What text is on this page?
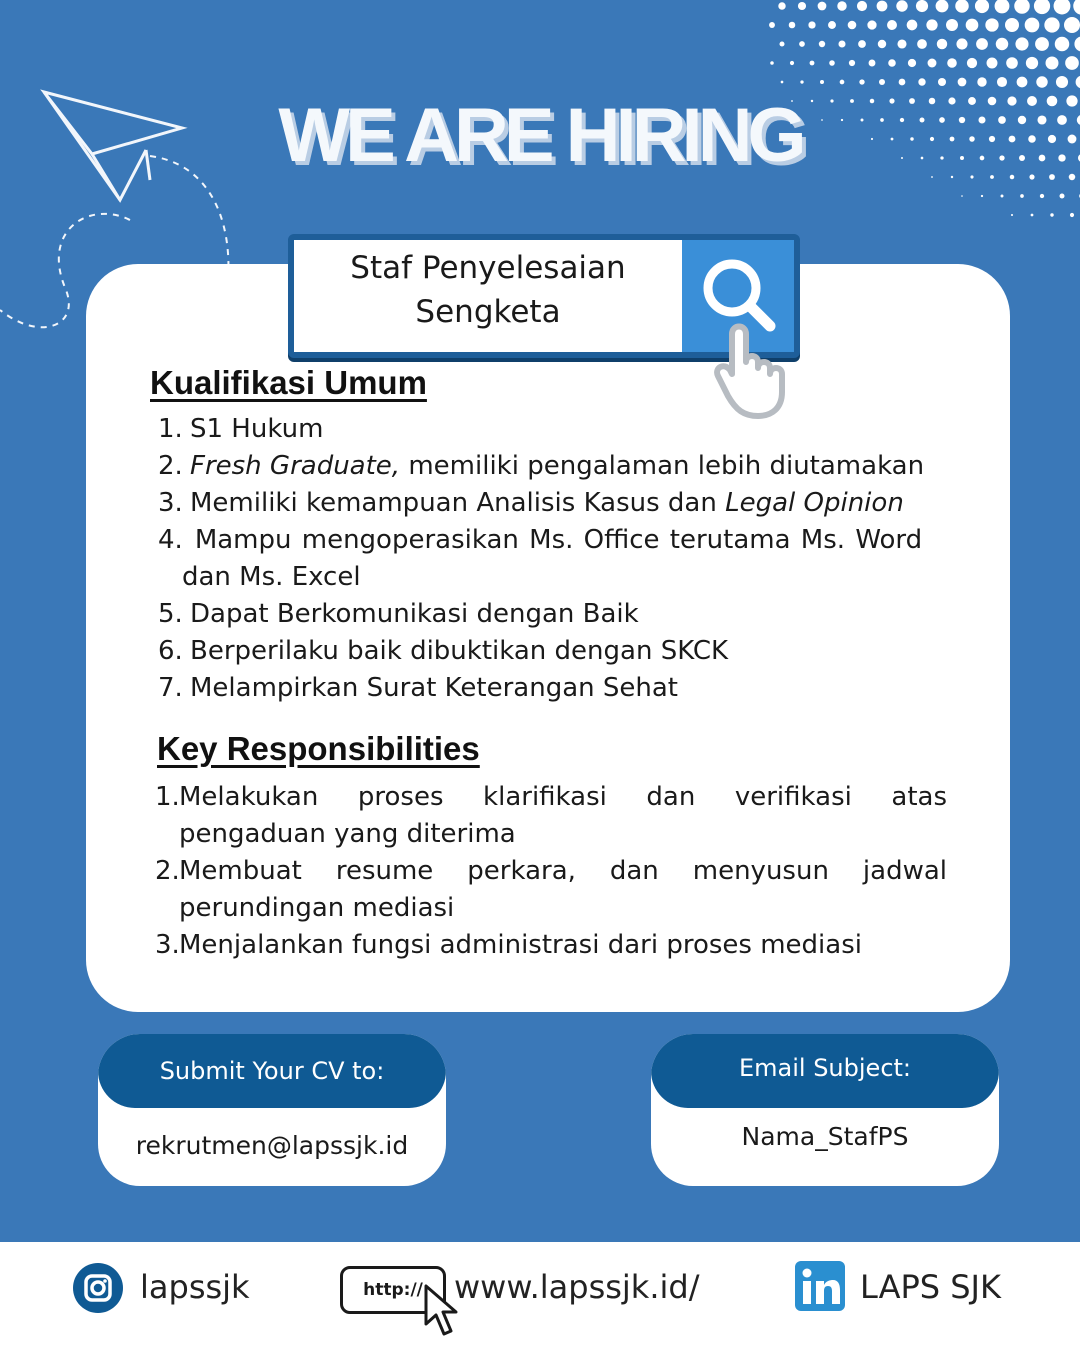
WE ARE HIRING
Staf Penyelesaian
Sengketa
Kualifikasi Umum
1. S1 Hukum
2. Fresh Graduate, memiliki pengalaman lebih diutamakan
3. Memiliki kemampuan Analisis Kasus dan Legal Opinion
4. Mampu mengoperasikan Ms. Office terutama Ms. Word
dan Ms. Excel
5. Dapat Berkomunikasi dengan Baik
6. Berperilaku baik dibuktikan dengan SKCK
7. Melampirkan Surat Keterangan Sehat
Key Responsibilities
1. Melakukan proses klarifikasi dan verifikasi atas
pengaduan yang diterima
2. Membuat resume perkara, dan menyusun jadwal
perundingan mediasi
3. Menjalankan fungsi administrasi dari proses mediasi
Submit Your CV to:
rekrutmen@lapssjk.id
Email Subject:
Nama_StafPS
lapssjk	http:// www.lapssjk.id/	LAPS SJK
